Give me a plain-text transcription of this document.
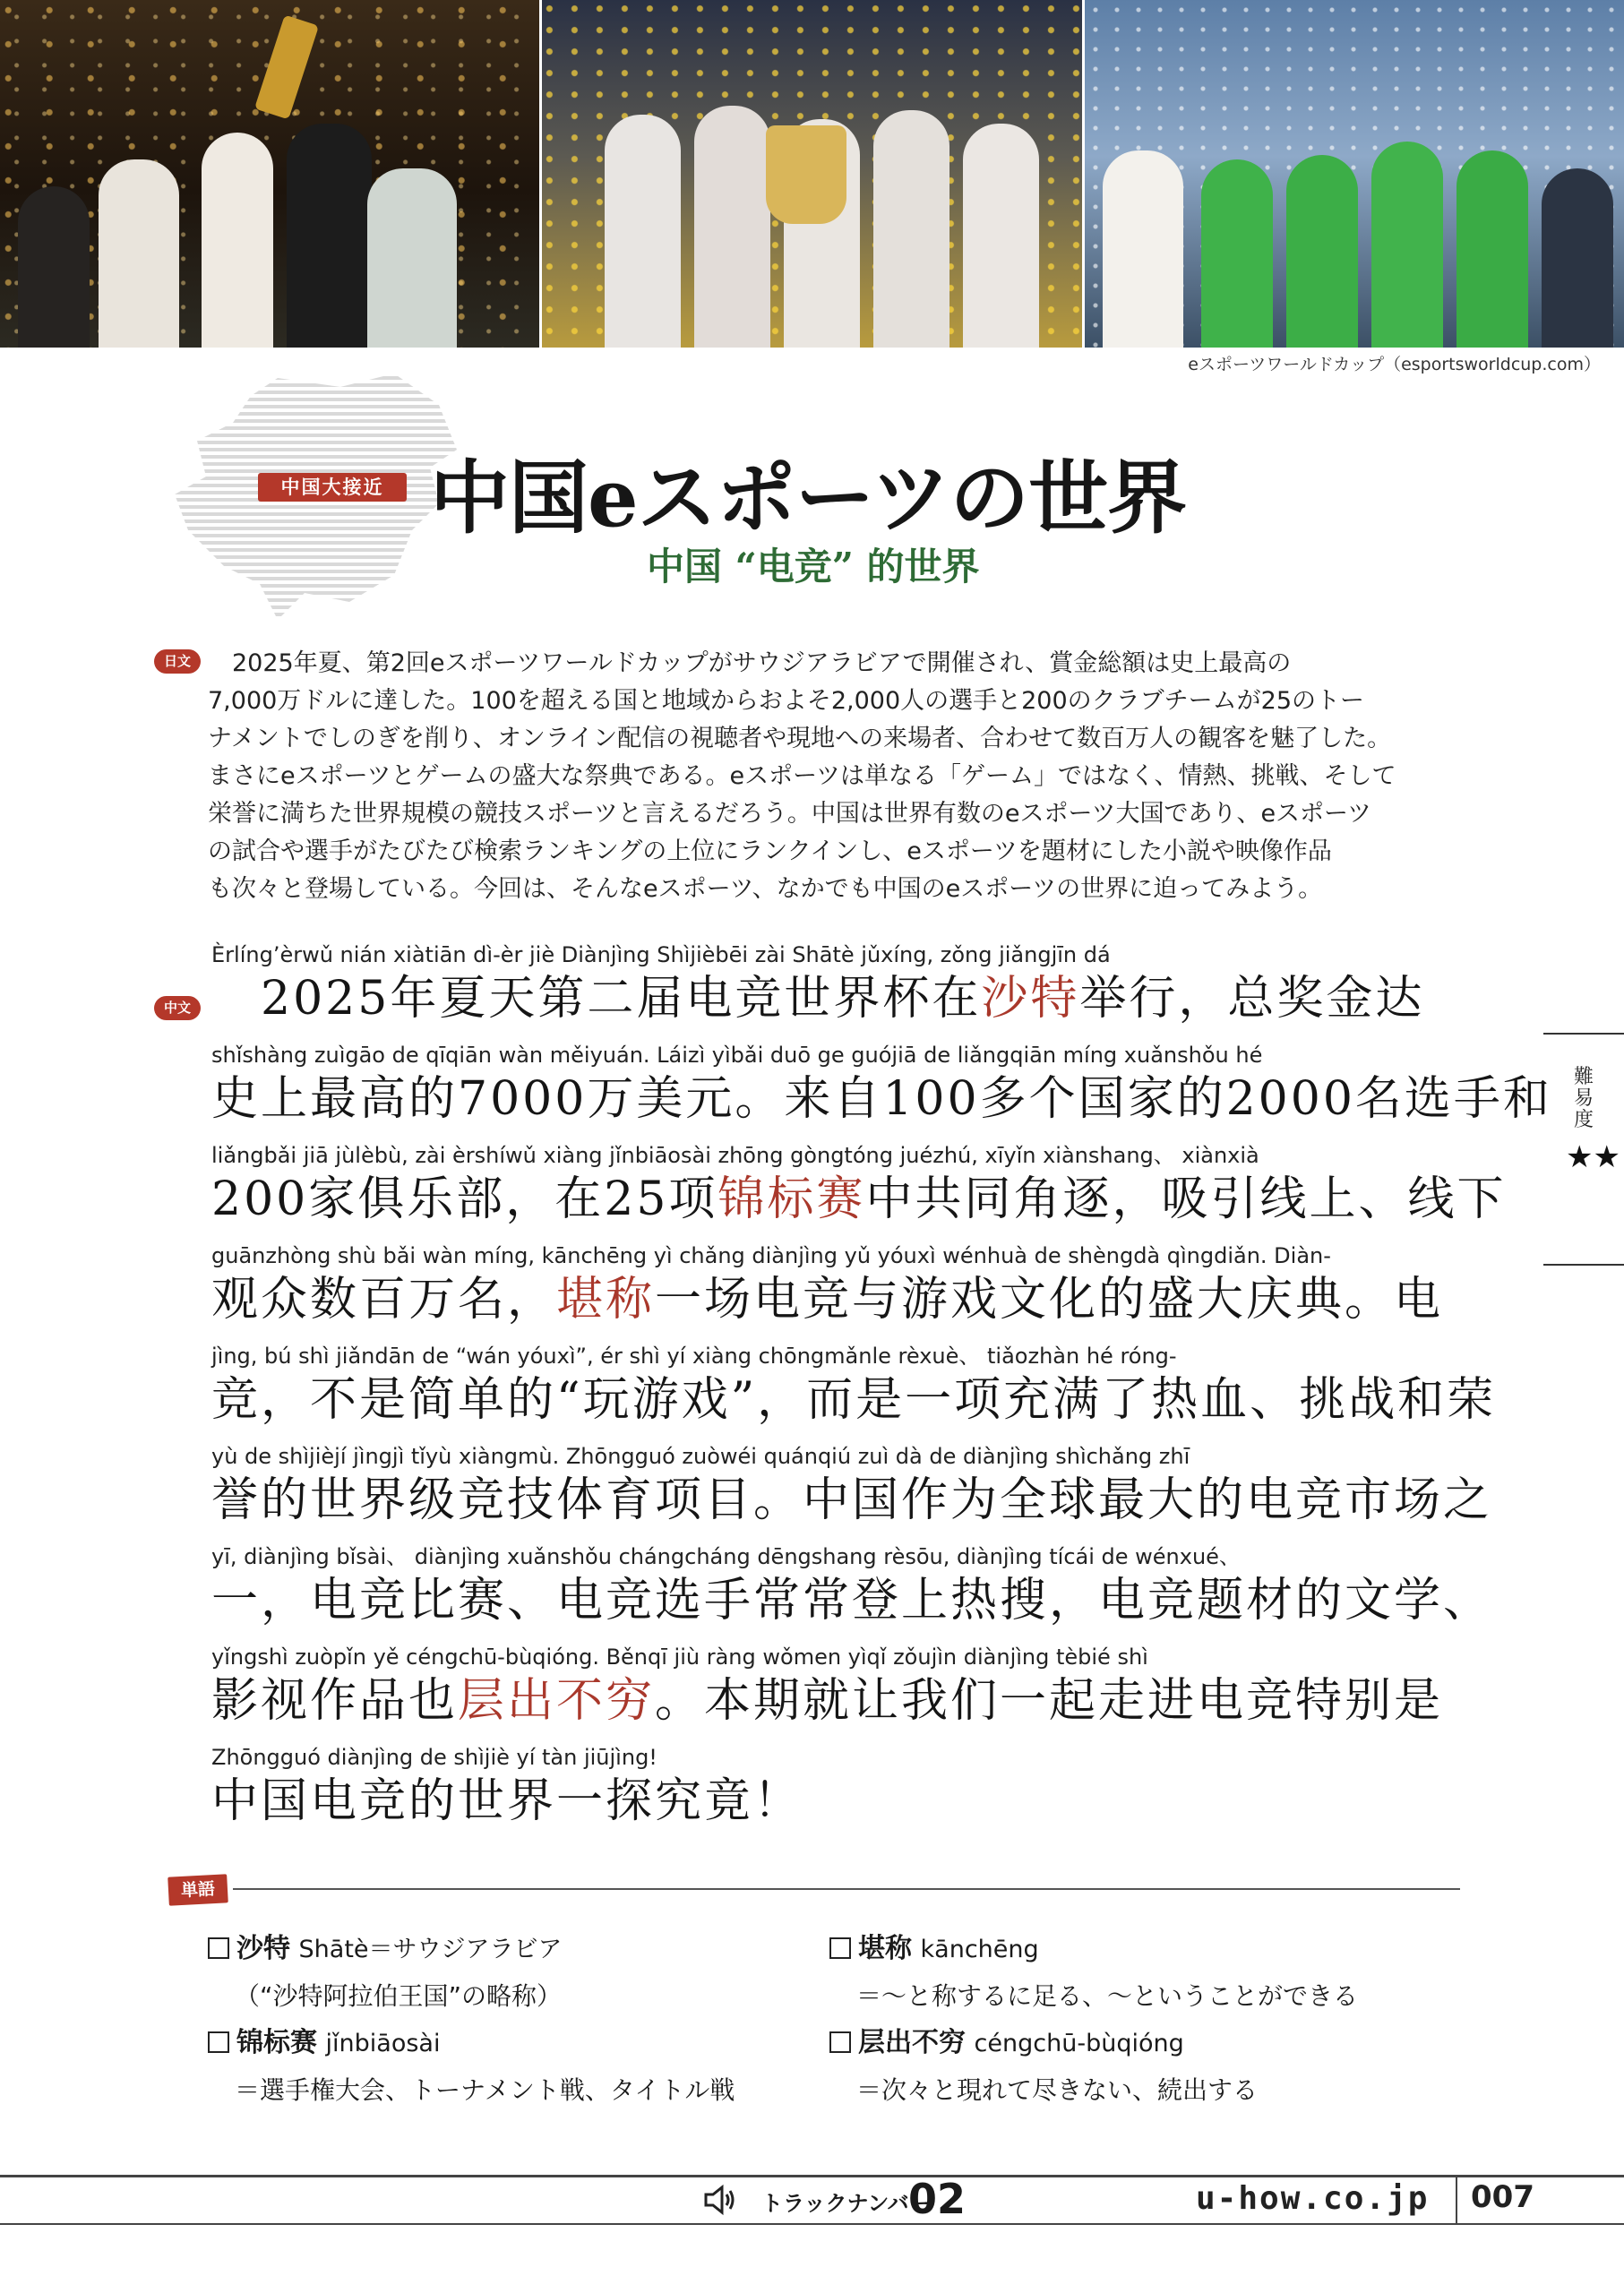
eスポーツワールドカップ（esportsworldcup.com）
中国大接近 中国eスポーツの世界
中国 “电竞” 的世界
日文 　2025年夏、第2回eスポーツワールドカップがサウジアラビアで開催され、賞金総額は史上最高の

7,000万ドルに達した。100を超える国と地域からおよそ2,000人の選手と200のクラブチームが25のトー

ナメントでしのぎを削り、オンライン配信の視聴者や現地への来場者、合わせて数百万人の観客を魅了した。

まさにeスポーツとゲームの盛大な祭典である。eスポーツは単なる「ゲーム」ではなく、情熱、挑戦、そして

栄誉に満ちた世界規模の競技スポーツと言えるだろう。中国は世界有数のeスポーツ大国であり、eスポーツ

の試合や選手がたびたび検索ランキングの上位にランクインし、eスポーツを題材にした小説や映像作品

も次々と登場している。今回は、そんなeスポーツ、なかでも中国のeスポーツの世界に迫ってみよう。

中文
Èrlíng’èrwǔ nián xiàtiān dì-èr jiè Diànjìng Shìjièbēi zài Shātè jǔxíng, zǒng jiǎngjīn dá
　2025年夏天第二届电竞世界杯在沙特举行，总奖金达
shǐshàng zuìgāo de qīqiān wàn měiyuán. Láizì yìbǎi duō ge guójiā de liǎngqiān míng xuǎnshǒu hé
史上最高的7000万美元。来自100多个国家的2000名选手和
liǎngbǎi jiā jùlèbù, zài èrshíwǔ xiàng jǐnbiāosài zhōng gòngtóng juézhú, xīyǐn xiànshang、 xiànxià
200家俱乐部，在25项锦标赛中共同角逐，吸引线上、线下
guānzhòng shù bǎi wàn míng, kānchēng yì chǎng diànjìng yǔ yóuxì wénhuà de shèngdà qìngdiǎn. Diàn-
观众数百万名，堪称一场电竞与游戏文化的盛大庆典。电
jìng, bú shì jiǎndān de “wán yóuxì”, ér shì yí xiàng chōngmǎnle rèxuè、 tiǎozhàn hé róng-
竞，不是简单的“玩游戏”，而是一项充满了热血、挑战和荣
yù de shìjièjí jìngjì tǐyù xiàngmù. Zhōngguó zuòwéi quánqiú zuì dà de diànjìng shìchǎng zhī
誉的世界级竞技体育项目。中国作为全球最大的电竞市场之
yī, diànjìng bǐsài、 diànjìng xuǎnshǒu chángcháng dēngshang rèsōu, diànjìng tícái de wénxué、
一，电竞比赛、电竞选手常常登上热搜，电竞题材的文学、
yǐngshì zuòpǐn yě céngchū-bùqióng. Běnqī jiù ràng wǒmen yìqǐ zǒujìn diànjìng tèbié shì
影视作品也层出不穷。本期就让我们一起走进电竞特别是
Zhōngguó diànjìng de shìjiè yí tàn jiūjìng!
中国电竞的世界一探究竟！
難易度
★★
単語
沙特 Shātè＝サウジアラビア
（“沙特阿拉伯王国”の略称）
锦标赛 jǐnbiāosài
＝選手権大会、トーナメント戦、タイトル戦
堪称 kānchēng
＝～と称するに足る、～ということができる
层出不穷 céngchū-bùqióng
＝次々と現れて尽きない、続出する
トラックナンバー
02	u-how.co.jp 007
